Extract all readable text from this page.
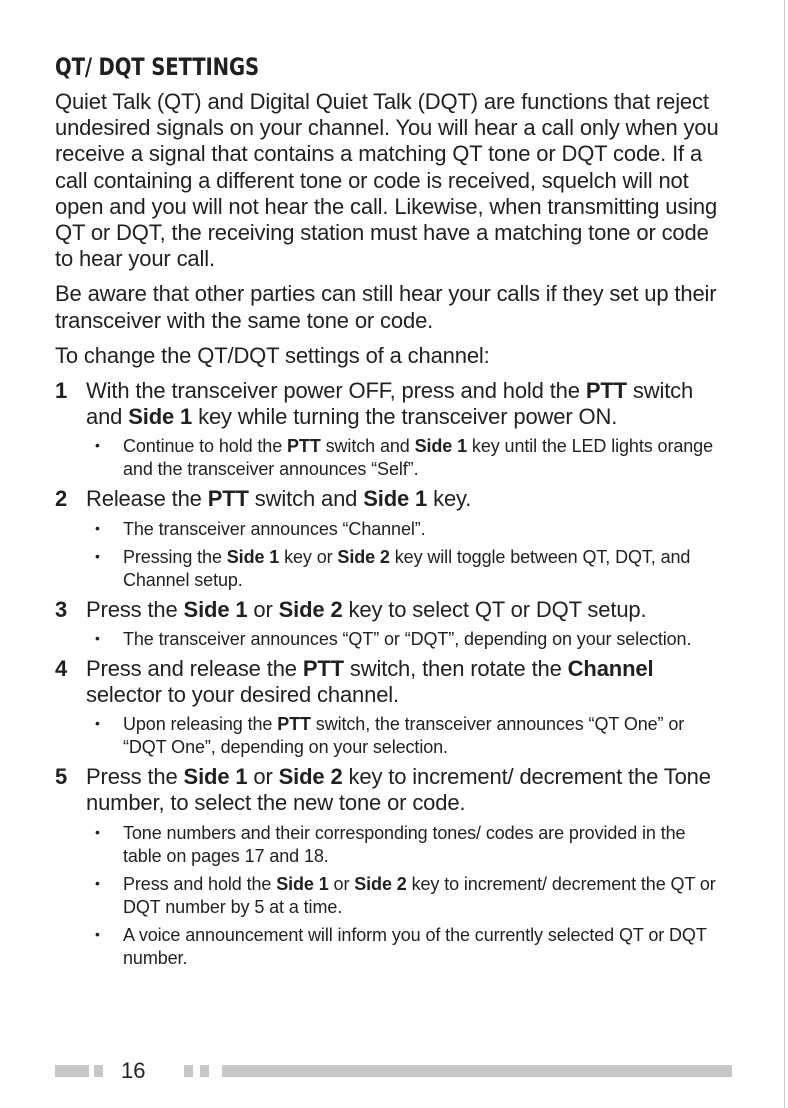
QT/ DQT SETTINGS

Quiet Talk (QT) and Digital Quiet Talk (DQT) are functions that reject undesired signals on your channel. You will hear a call only when you receive a signal that contains a matching QT tone or DQT code. If a call containing a different tone or code is received, squelch will not open and you will not hear the call. Likewise, when transmitting using QT or DQT, the receiving station must have a matching tone or code to hear your call.

Be aware that other parties can still hear your calls if they set up their transceiver with the same tone or code.

To change the QT/DQT settings of a channel:

1 With the transceiver power OFF, press and hold the PTT switch and Side 1 key while turning the transceiver power ON.
• Continue to hold the PTT switch and Side 1 key until the LED lights orange and the transceiver announces “Self”.
2 Release the PTT switch and Side 1 key.
• The transceiver announces “Channel”.
• Pressing the Side 1 key or Side 2 key will toggle between QT, DQT, and Channel setup.
3 Press the Side 1 or Side 2 key to select QT or DQT setup.
• The transceiver announces “QT” or “DQT”, depending on your selection.
4 Press and release the PTT switch, then rotate the Channel selector to your desired channel.
• Upon releasing the PTT switch, the transceiver announces “QT One” or “DQT One”, depending on your selection.
5 Press the Side 1 or Side 2 key to increment/ decrement the Tone number, to select the new tone or code.
• Tone numbers and their corresponding tones/ codes are provided in the table on pages 17 and 18.
• Press and hold the Side 1 or Side 2 key to increment/ decrement the QT or DQT number by 5 at a time.
• A voice announcement will inform you of the currently selected QT or DQT number.
16
